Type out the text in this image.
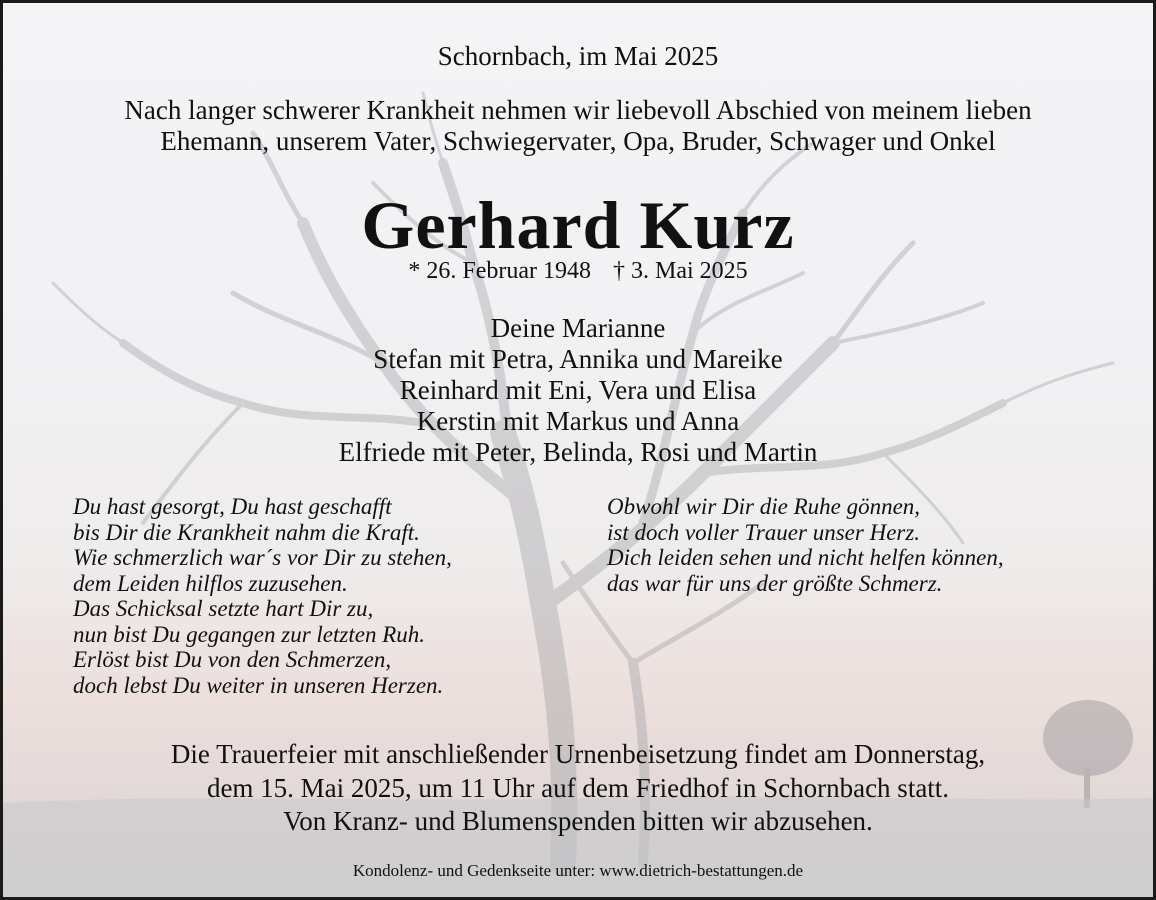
Schornbach, im Mai 2025
Nach langer schwerer Krankheit nehmen wir liebevoll Abschied von meinem lieben
Ehemann, unserem Vater, Schwiegervater, Opa, Bruder, Schwager und Onkel
Gerhard Kurz
* 26. Februar 1948 † 3. Mai 2025
Deine Marianne
Stefan mit Petra, Annika und Mareike
Reinhard mit Eni, Vera und Elisa
Kerstin mit Markus und Anna
Elfriede mit Peter, Belinda, Rosi und Martin
Du hast gesorgt, Du hast geschafft
bis Dir die Krankheit nahm die Kraft.
Wie schmerzlich war´s vor Dir zu stehen,
dem Leiden hilflos zuzusehen.
Das Schicksal setzte hart Dir zu,
nun bist Du gegangen zur letzten Ruh.
Erlöst bist Du von den Schmerzen,
doch lebst Du weiter in unseren Herzen.
Obwohl wir Dir die Ruhe gönnen,
ist doch voller Trauer unser Herz.
Dich leiden sehen und nicht helfen können,
das war für uns der größte Schmerz.
Die Trauerfeier mit anschließender Urnenbeisetzung findet am Donnerstag,
dem 15. Mai 2025, um 11 Uhr auf dem Friedhof in Schornbach statt.
Von Kranz- und Blumenspenden bitten wir abzusehen.
Kondolenz- und Gedenkseite unter: www.dietrich-bestattungen.de
